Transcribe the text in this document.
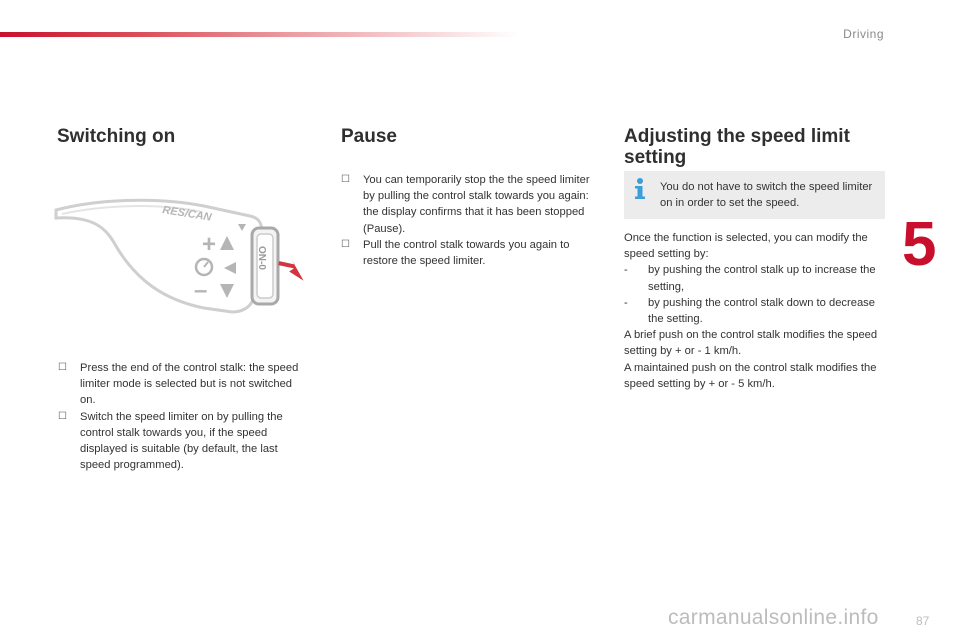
Driving
5
Switching on
RES/CAN
+
–
ON-0

☐ Press the end of the control stalk: the speed limiter mode is selected but is not switched on.

☐ Switch the speed limiter on by pulling the control stalk towards you, if the speed displayed is suitable (by default, the last speed programmed).

Pause

☐ You can temporarily stop the the speed limiter by pulling the control stalk towards you again: the display confirms that it has been stopped (Pause).

☐ Pull the control stalk towards you again to restore the speed limiter.

Adjusting the speed limit setting
You do not have to switch the speed limiter on in order to set the speed.
Once the function is selected, you can modify the speed setting by:
- by pushing the control stalk up to increase the setting,
- by pushing the control stalk down to decrease the setting.
A brief push on the control stalk modifies the speed setting by + or - 1 km/h.
A maintained push on the control stalk modifies the speed setting by + or - 5 km/h.
carmanualsonline.info	87
